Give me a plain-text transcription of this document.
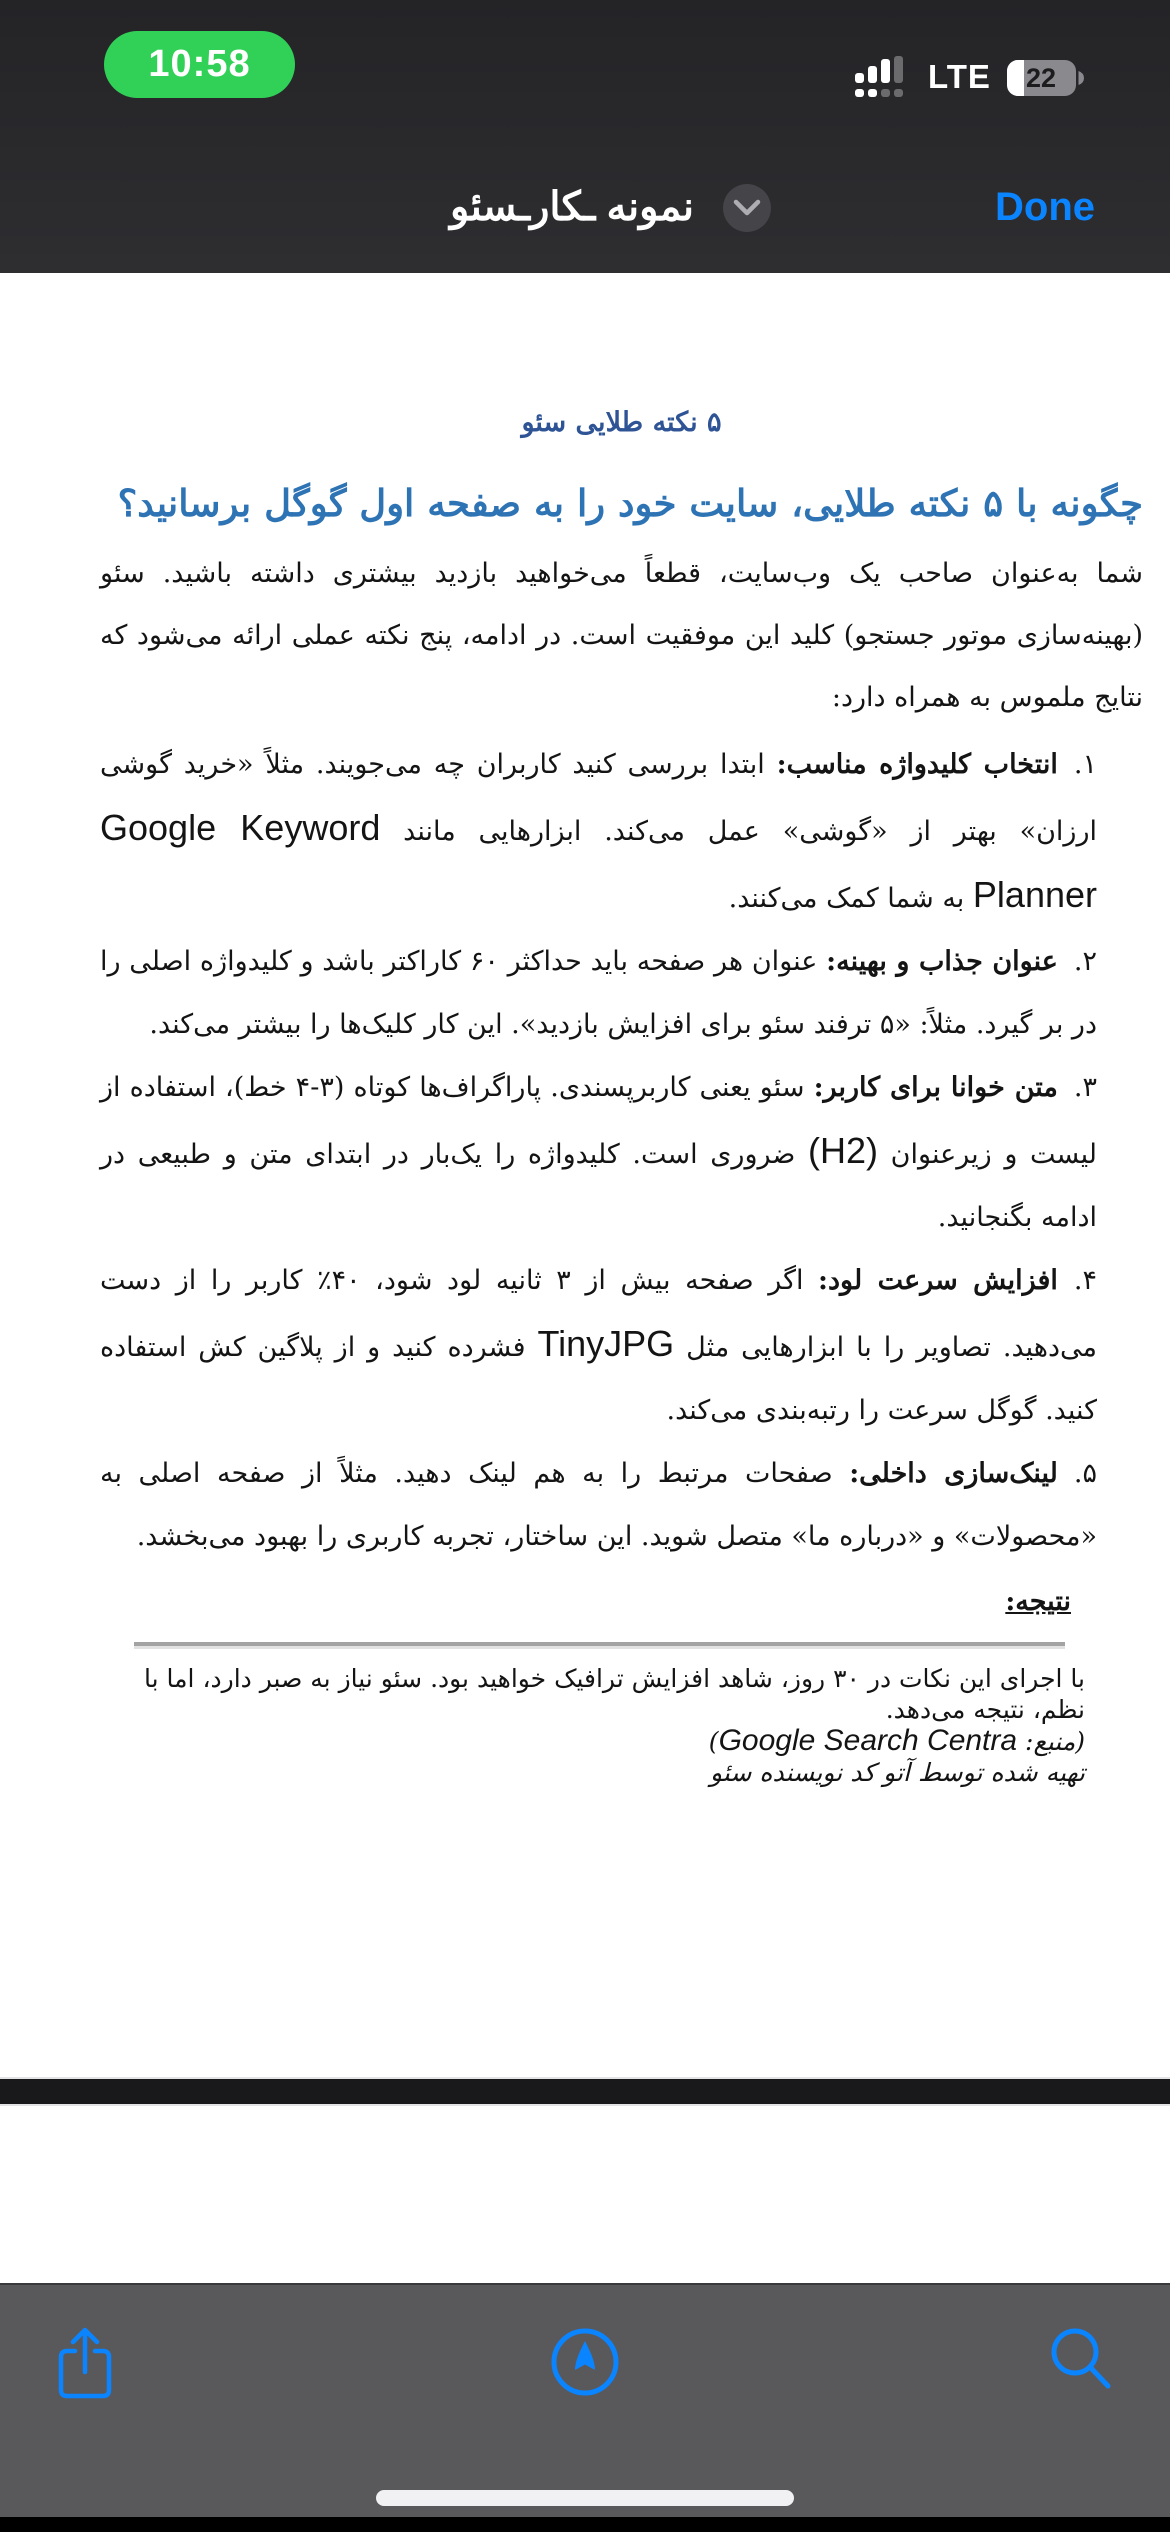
10:58	LTE	22
نمونه ـکارـسئو	Done
۵ نکته طلایی سئو
چگونه با ۵ نکته طلایی، سایت خود را به صفحه اول گوگل برسانید؟
شما به‌عنوان صاحب یک وب‌سایت، قطعاً می‌خواهید بازدید بیشتری داشته باشید. سئو (بهینه‌سازی موتور جستجو) کلید این موفقیت است. در ادامه، پنج نکته عملی ارائه می‌شود که نتایج ملموس به همراه دارد:
۱.انتخاب کلیدواژه مناسب: ابتدا بررسی کنید کاربران چه می‌جویند. مثلاً «خرید گوشی ارزان» بهتر از «گوشی» عمل می‌کند. ابزارهایی مانند Google Keyword Planner به شما کمک می‌کنند.
۲.عنوان جذاب و بهینه: عنوان هر صفحه باید حداکثر ۶۰ کاراکتر باشد و کلیدواژه اصلی را در بر گیرد. مثلاً: «۵ ترفند سئو برای افزایش بازدید». این کار کلیک‌ها را بیشتر می‌کند.
۳.متن خوانا برای کاربر: سئو یعنی کاربرپسندی. پاراگراف‌ها کوتاه (۳-۴ خط)، استفاده از لیست و زیرعنوان (H2) ضروری است. کلیدواژه را یک‌بار در ابتدای متن و طبیعی در ادامه بگنجانید.
۴.افزایش سرعت لود: اگر صفحه بیش از ۳ ثانیه لود شود، ۴۰٪ کاربر را از دست می‌دهید. تصاویر را با ابزارهایی مثل TinyJPG فشرده کنید و از پلاگین کش استفاده کنید. گوگل سرعت را رتبه‌بندی می‌کند.
۵.لینک‌سازی داخلی: صفحات مرتبط را به هم لینک دهید. مثلاً از صفحه اصلی به «محصولات» و «درباره ما» متصل شوید. این ساختار، تجربه کاربری را بهبود می‌بخشد.
نتیجه:
با اجرای این نکات در ۳۰ روز، شاهد افزایش ترافیک خواهید بود. سئو نیاز به صبر دارد، اما با نظم، نتیجه می‌دهد.
(منبع: Google Search Centra)
تهیه شده توسط آتو کد نویسنده سئو
